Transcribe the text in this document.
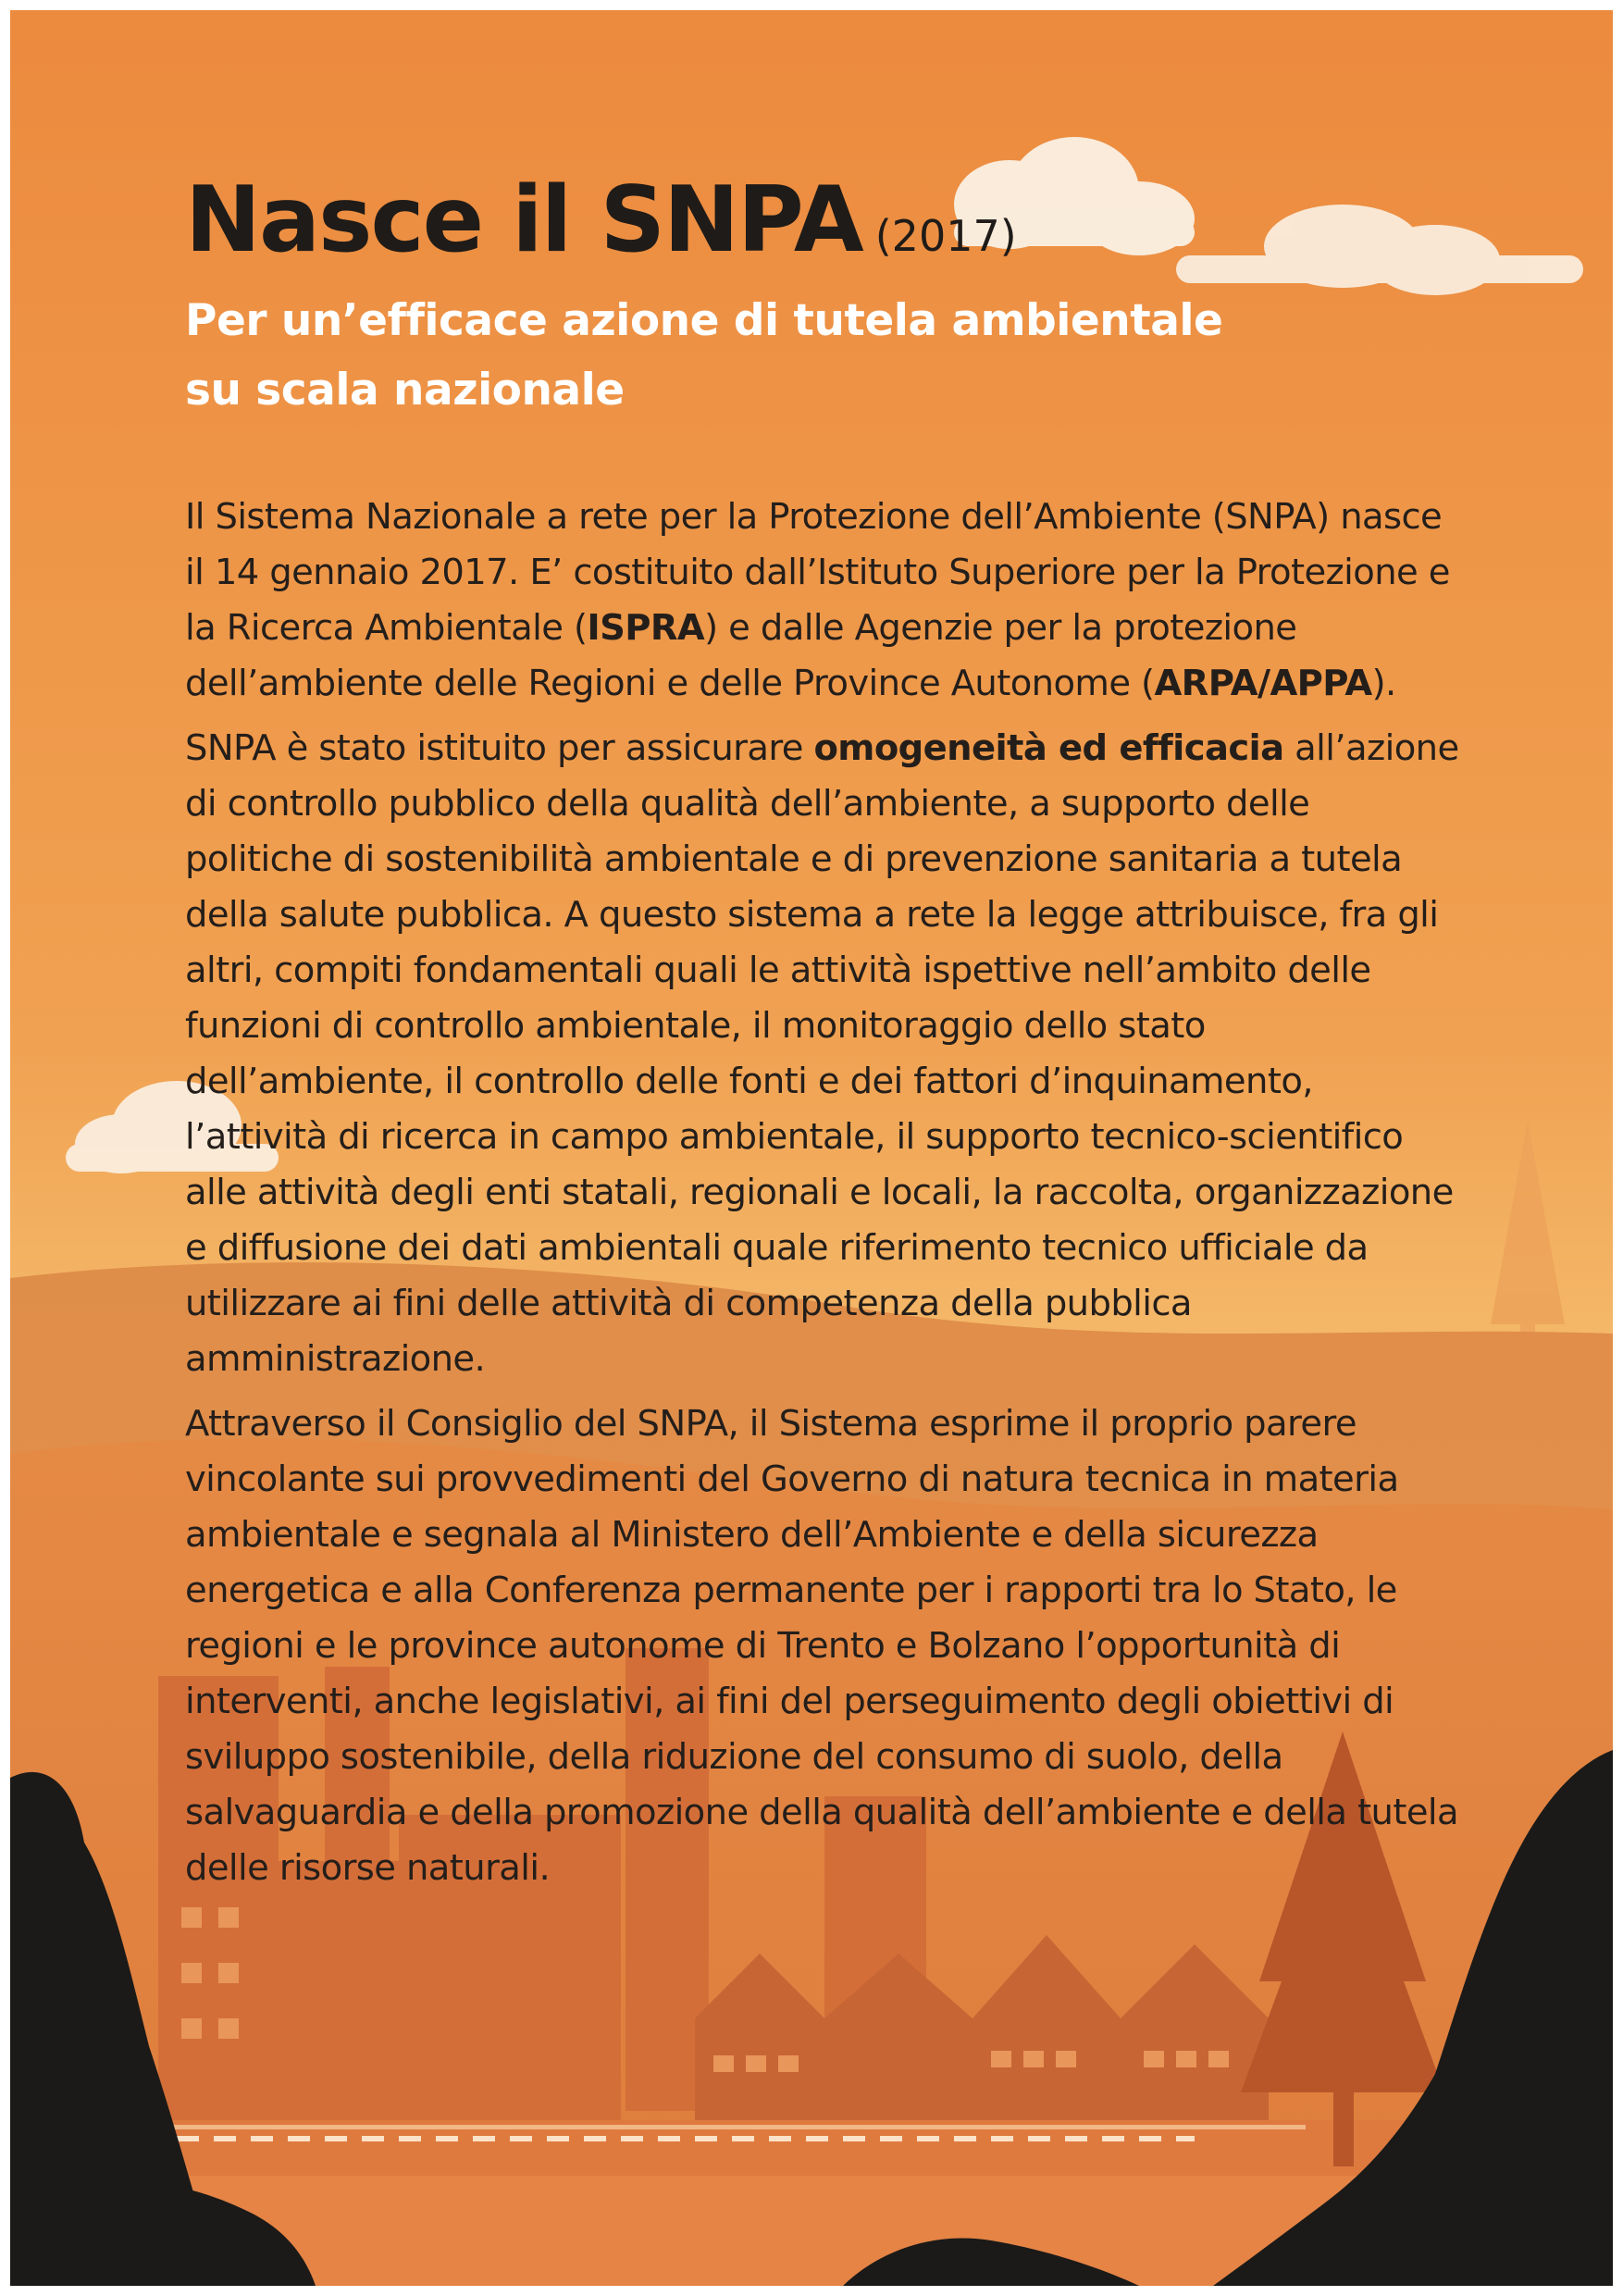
Nasce il SNPA (2017)
Per un’efficace azione di tutela ambientale
su scala nazionale

Il Sistema Nazionale a rete per la Protezione dell’Ambiente (SNPA) nasce il 14 gennaio 2017. E’ costituito dall’Istituto Superiore per la Protezione e la Ricerca Ambientale (ISPRA) e dalle Agenzie per la protezione dell’ambiente delle Regioni e delle Province Autonome (ARPA/APPA).

SNPA è stato istituito per assicurare omogeneità ed efficacia all’azione di controllo pubblico della qualità dell’ambiente, a supporto delle politiche di sostenibilità ambientale e di prevenzione sanitaria a tutela della salute pubblica. A questo sistema a rete la legge attribuisce, fra gli altri, compiti fondamentali quali le attività ispettive nell’ambito delle funzioni di controllo ambientale, il monitoraggio dello stato dell’ambiente, il controllo delle fonti e dei fattori d’inquinamento, l’attività di ricerca in campo ambientale, il supporto tecnico-scientifico alle attività degli enti statali, regionali e locali, la raccolta, organizzazione e diffusione dei dati ambientali quale riferimento tecnico ufficiale da utilizzare ai fini delle attività di competenza della pubblica amministrazione.

Attraverso il Consiglio del SNPA, il Sistema esprime il proprio parere vincolante sui provvedimenti del Governo di natura tecnica in materia ambientale e segnala al Ministero dell’Ambiente e della sicurezza energetica e alla Conferenza permanente per i rapporti tra lo Stato, le regioni e le province autonome di Trento e Bolzano l’opportunità di interventi, anche legislativi, ai fini del perseguimento degli obiettivi di sviluppo sostenibile, della riduzione del consumo di suolo, della salvaguardia e della promozione della qualità dell’ambiente e della tutela delle risorse naturali.
